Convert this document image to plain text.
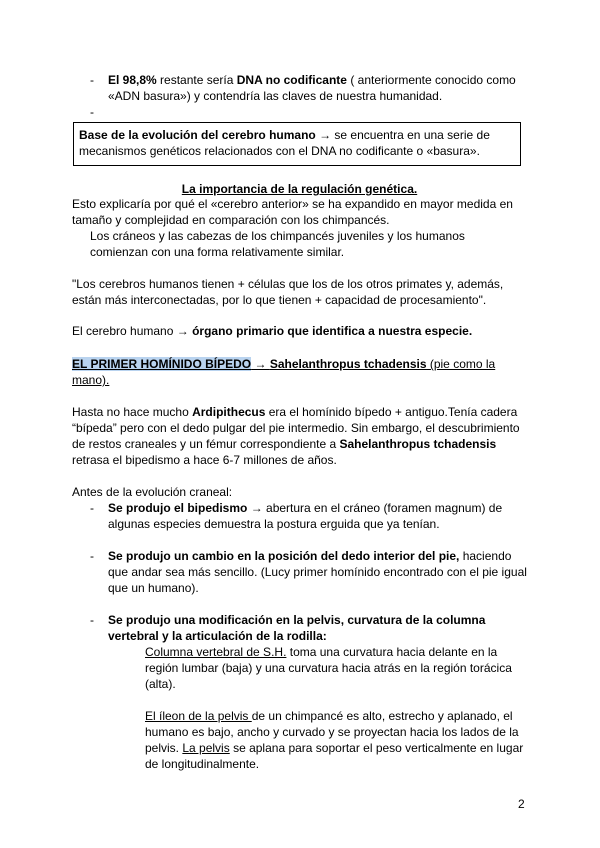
- El 98,8% restante sería DNA no codificante ( anteriormente conocido como «ADN basura») y contendría las claves de nuestra humanidad.
-
Base de la evolución del cerebro humano → se encuentra en una serie de mecanismos genéticos relacionados con el DNA no codificante o «basura».
La importancia de la regulación genética.
Esto explicaría por qué el «cerebro anterior» se ha expandido en mayor medida en tamaño y complejidad en comparación con los chimpancés.
Los cráneos y las cabezas de los chimpancés juveniles y los humanos comienzan con una forma relativamente similar.
"Los cerebros humanos tienen + células que los de los otros primates y, además, están más interconectadas, por lo que tienen + capacidad de procesamiento".
El cerebro humano → órgano primario que identifica a nuestra especie.
EL PRIMER HOMÍNIDO BÍPEDO → Sahelanthropus tchadensis (pie como la mano).
Hasta no hace mucho Ardipithecus era el homínido bípedo + antiguo.Tenía cadera “bípeda” pero con el dedo pulgar del pie intermedio. Sin embargo, el descubrimiento de restos craneales y un fémur correspondiente a Sahelanthropus tchadensis retrasa el bipedismo a hace 6-7 millones de años.
Antes de la evolución craneal:
- Se produjo el bipedismo → abertura en el cráneo (foramen magnum) de algunas especies demuestra la postura erguida que ya tenían.
- Se produjo un cambio en la posición del dedo interior del pie, haciendo que andar sea más sencillo. (Lucy primer homínido encontrado con el pie igual que un humano).
- Se produjo una modificación en la pelvis, curvatura de la columna vertebral y la articulación de la rodilla:
Columna vertebral de S.H. toma una curvatura hacia delante en la región lumbar (baja) y una curvatura hacia atrás en la región torácica (alta).
El íleon de la pelvis de un chimpancé es alto, estrecho y aplanado, el humano es bajo, ancho y curvado y se proyectan hacia los lados de la pelvis. La pelvis se aplana para soportar el peso verticalmente en lugar de longitudinalmente.
2
